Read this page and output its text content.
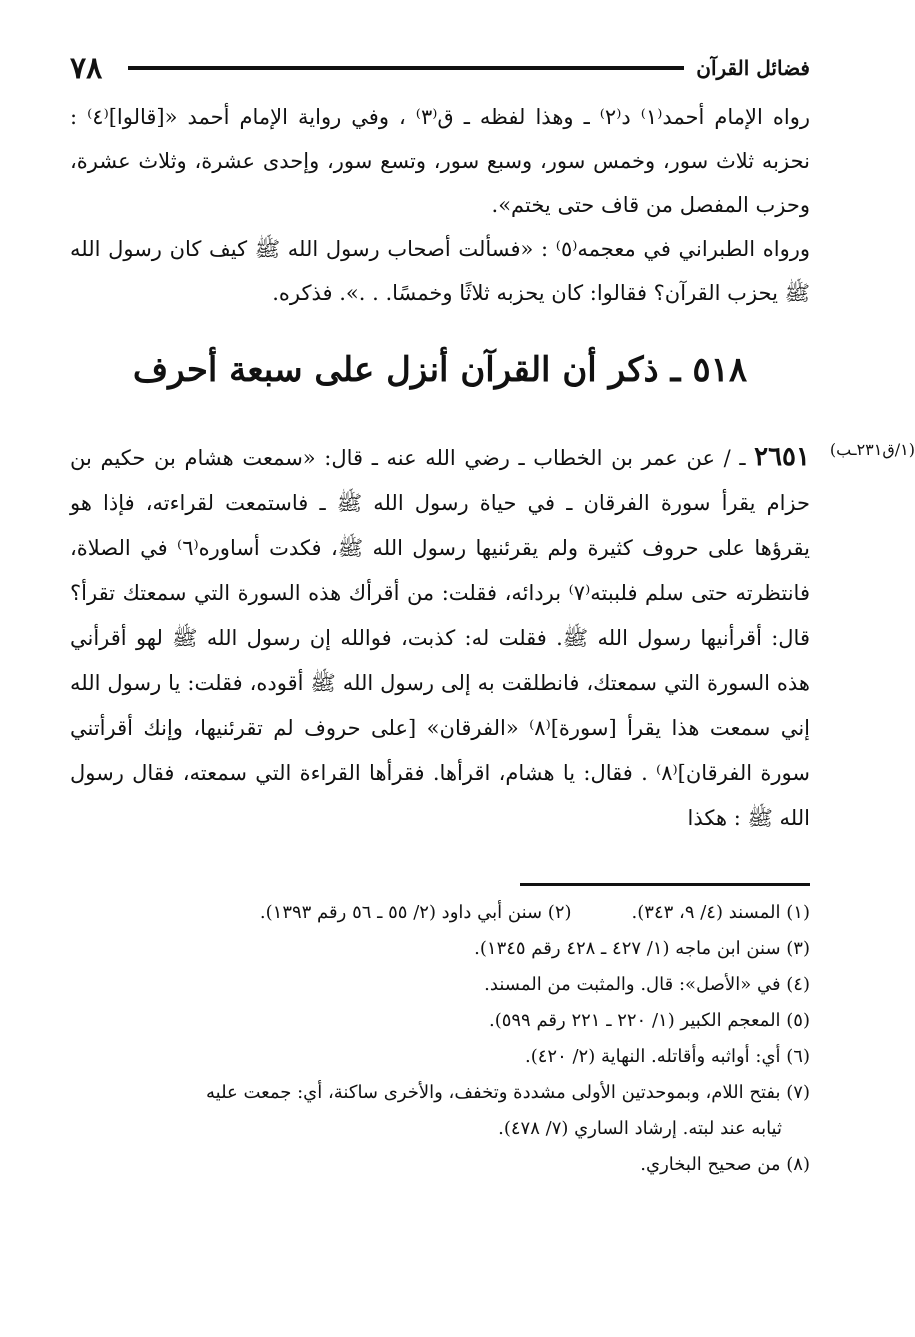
٧٨	فضائل القرآن

رواه الإمام أحمد⁽١⁾ د⁽٢⁾ ـ وهذا لفظه ـ ق⁽٣⁾ ، وفي رواية الإمام أحمد «[قالوا]⁽٤⁾ : نحزبه ثلاث سور، وخمس سور، وسبع سور، وتسع سور، وإحدى عشرة، وثلاث عشرة، وحزب المفصل من قاف حتى يختم».

ورواه الطبراني في معجمه⁽٥⁾ : «فسألت أصحاب رسول الله ﷺ كيف كان رسول الله ﷺ يحزب القرآن؟ فقالوا: كان يحزبه ثلاثًا وخمسًا. . .». فذكره.

٥١٨ ـ ذكر أن القرآن أنزل على سبعة أحرف
(١/ق٢٣١ـب)
٢٦٥١ ـ / عن عمر بن الخطاب ـ رضي الله عنه ـ قال: «سمعت هشام بن حكيم بن حزام يقرأ سورة الفرقان ـ في حياة رسول الله ﷺ ـ فاستمعت لقراءته، فإذا هو يقرؤها على حروف كثيرة ولم يقرئنيها رسول الله ﷺ، فكدت أساوره⁽٦⁾ في الصلاة، فانتظرته حتى سلم فلببته⁽٧⁾ بردائه، فقلت: من أقرأك هذه السورة التي سمعتك تقرأ؟ قال: أقرأنيها رسول الله ﷺ. فقلت له: كذبت، فوالله إن رسول الله ﷺ لهو أقرأني هذه السورة التي سمعتك، فانطلقت به إلى رسول الله ﷺ أقوده، فقلت: يا رسول الله إني سمعت هذا يقرأ [سورة]⁽٨⁾ «الفرقان» [على حروف لم تقرئنيها، وإنك أقرأتني سورة الفرقان]⁽٨⁾ . فقال: يا هشام، اقرأها. فقرأها القراءة التي سمعته، فقال رسول الله ﷺ : هكذا

(١) المسند (٤/ ٩، ٣٤٣).

(٢) سنن أبي داود (٢/ ٥٥ ـ ٥٦ رقم ١٣٩٣).

(٣) سنن ابن ماجه (١/ ٤٢٧ ـ ٤٢٨ رقم ١٣٤٥).

(٤) في «الأصل»: قال. والمثبت من المسند.

(٥) المعجم الكبير (١/ ٢٢٠ ـ ٢٢١ رقم ٥٩٩).

(٦) أي: أواثبه وأقاتله. النهاية (٢/ ٤٢٠).

(٧) بفتح اللام، وبموحدتين الأولى مشددة وتخفف، والأخرى ساكنة، أي: جمعت عليه

ثيابه عند لبته. إرشاد الساري (٧/ ٤٧٨).

(٨) من صحيح البخاري.
